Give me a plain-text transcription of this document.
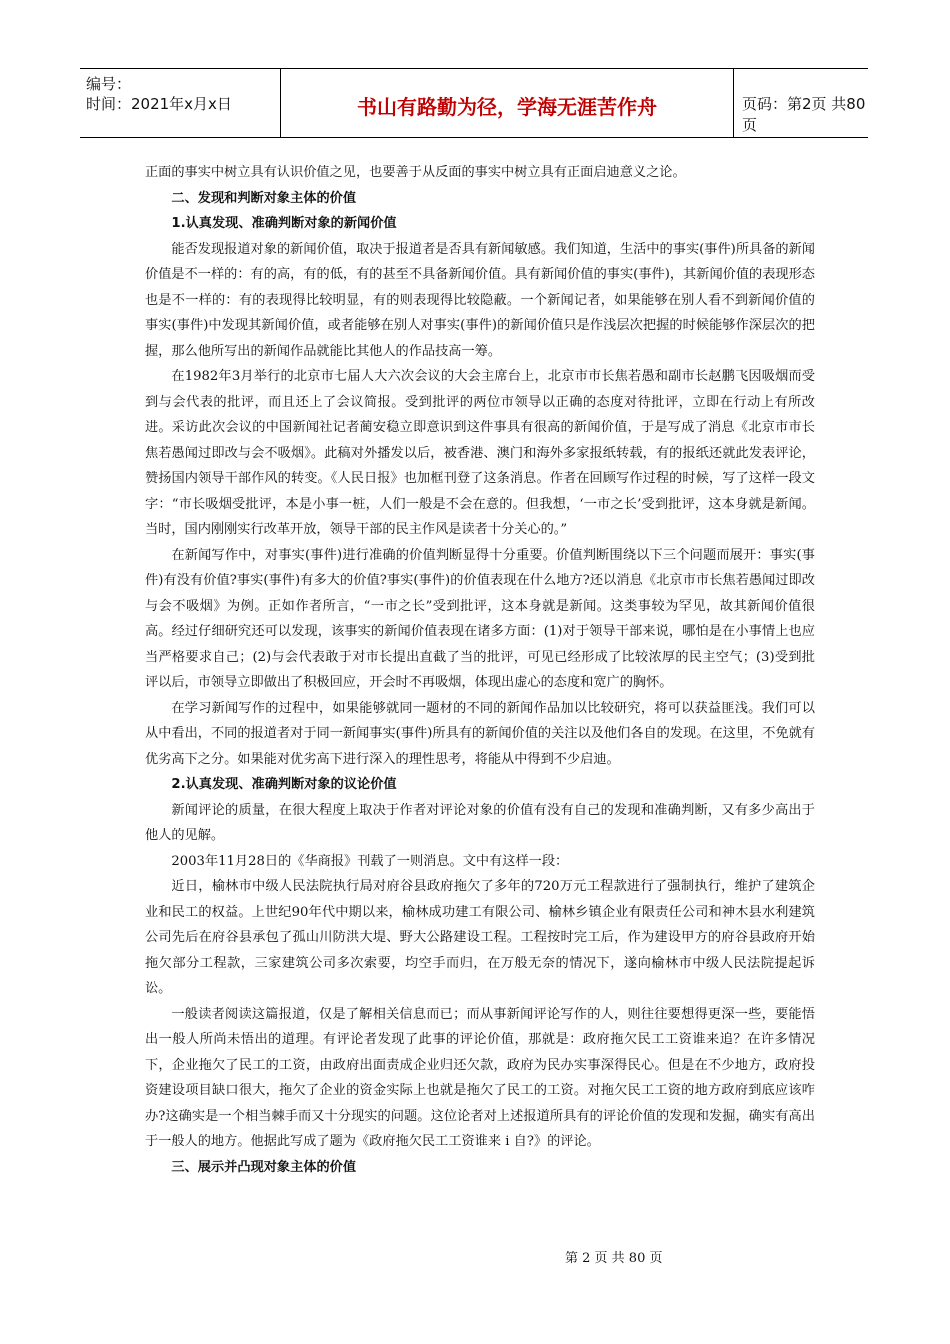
编号：
时间：2021年x月x日	书山有路勤为径，学海无涯苦作舟	页码：第2页 共80页

正面的事实中树立具有认识价值之见，也要善于从反面的事实中树立具有正面启迪意义之论。

二、发现和判断对象主体的价值

1.认真发现、准确判断对象的新闻价值

能否发现报道对象的新闻价值，取决于报道者是否具有新闻敏感。我们知道，生活中的事实(事件)所具备的新闻价值是不一样的：有的高，有的低，有的甚至不具备新闻价值。具有新闻价值的事实(事件)，其新闻价值的表现形态也是不一样的：有的表现得比较明显，有的则表现得比较隐蔽。一个新闻记者，如果能够在别人看不到新闻价值的事实(事件)中发现其新闻价值，或者能够在别人对事实(事件)的新闻价值只是作浅层次把握的时候能够作深层次的把握，那么他所写出的新闻作品就能比其他人的作品技高一筹。

在1982年3月举行的北京市七届人大六次会议的大会主席台上，北京市市长焦若愚和副市长赵鹏飞因吸烟而受到与会代表的批评，而且还上了会议简报。受到批评的两位市领导以正确的态度对待批评，立即在行动上有所改进。采访此次会议的中国新闻社记者蔺安稳立即意识到这件事具有很高的新闻价值，于是写成了消息《北京市市长焦若愚闻过即改与会不吸烟》。此稿对外播发以后，被香港、澳门和海外多家报纸转载，有的报纸还就此发表评论，赞扬国内领导干部作风的转变。《人民日报》也加框刊登了这条消息。作者在回顾写作过程的时候，写了这样一段文字：“市长吸烟受批评，本是小事一桩，人们一般是不会在意的。但我想，‘一市之长’受到批评，这本身就是新闻。当时，国内刚刚实行改革开放，领导干部的民主作风是读者十分关心的。”

在新闻写作中，对事实(事件)进行准确的价值判断显得十分重要。价值判断围绕以下三个问题而展开：事实(事件)有没有价值?事实(事件)有多大的价值?事实(事件)的价值表现在什么地方?还以消息《北京市市长焦若愚闻过即改与会不吸烟》为例。正如作者所言，“一市之长”受到批评，这本身就是新闻。这类事较为罕见，故其新闻价值很高。经过仔细研究还可以发现，该事实的新闻价值表现在诸多方面：(1)对于领导干部来说，哪怕是在小事情上也应当严格要求自己；(2)与会代表敢于对市长提出直截了当的批评，可见已经形成了比较浓厚的民主空气；(3)受到批评以后，市领导立即做出了积极回应，开会时不再吸烟，体现出虚心的态度和宽广的胸怀。

在学习新闻写作的过程中，如果能够就同一题材的不同的新闻作品加以比较研究，将可以获益匪浅。我们可以从中看出，不同的报道者对于同一新闻事实(事件)所具有的新闻价值的关注以及他们各自的发现。在这里，不免就有优劣高下之分。如果能对优劣高下进行深入的理性思考，将能从中得到不少启迪。

2.认真发现、准确判断对象的议论价值

新闻评论的质量，在很大程度上取决于作者对评论对象的价值有没有自己的发现和准确判断，又有多少高出于他人的见解。

2003年11月28日的《华商报》刊载了一则消息。文中有这样一段：

近日，榆林市中级人民法院执行局对府谷县政府拖欠了多年的720万元工程款进行了强制执行，维护了建筑企业和民工的权益。上世纪90年代中期以来，榆林成功建工有限公司、榆林乡镇企业有限责任公司和神木县水利建筑公司先后在府谷县承包了孤山川防洪大堤、野大公路建设工程。工程按时完工后，作为建设甲方的府谷县政府开始拖欠部分工程款，三家建筑公司多次索要，均空手而归，在万般无奈的情况下，遂向榆林市中级人民法院提起诉讼。

一般读者阅读这篇报道，仅是了解相关信息而已；而从事新闻评论写作的人，则往往要想得更深一些，要能悟出一般人所尚未悟出的道理。有评论者发现了此事的评论价值，那就是：政府拖欠民工工资谁来追？在许多情况下，企业拖欠了民工的工资，由政府出面责成企业归还欠款，政府为民办实事深得民心。但是在不少地方，政府投资建设项目缺口很大，拖欠了企业的资金实际上也就是拖欠了民工的工资。对拖欠民工工资的地方政府到底应该咋办?这确实是一个相当棘手而又十分现实的问题。这位论者对上述报道所具有的评论价值的发现和发掘，确实有高出于一般人的地方。他据此写成了题为《政府拖欠民工工资谁来 i 自?》的评论。

三、展示并凸现对象主体的价值

第 2 页 共 80 页
